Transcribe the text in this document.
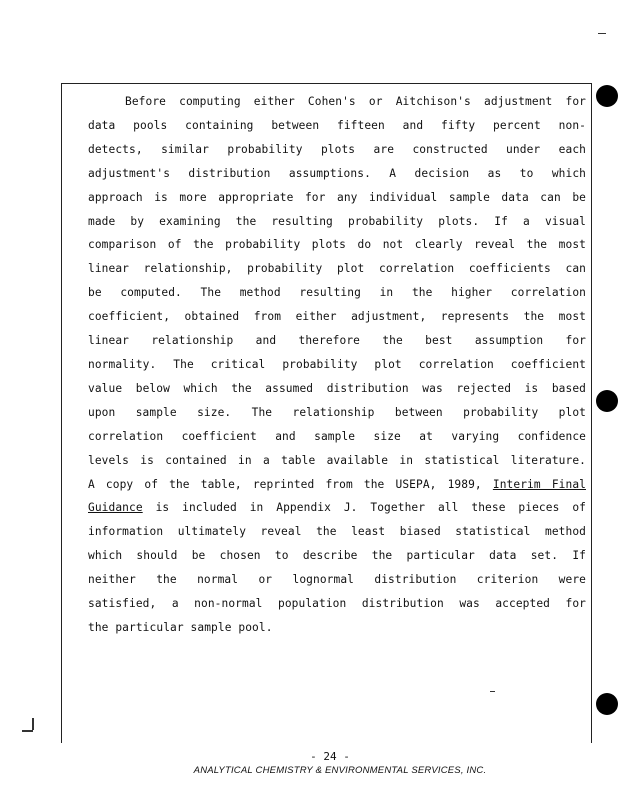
Before computing either Cohen's or Aitchison's adjustment for
data pools containing between fifteen and fifty percent non-
detects, similar probability plots are constructed under each
adjustment's distribution assumptions. A decision as to which
approach is more appropriate for any individual sample data can be
made by examining the resulting probability plots. If a visual
comparison of the probability plots do not clearly reveal the most
linear relationship, probability plot correlation coefficients can
be computed. The method resulting in the higher correlation
coefficient, obtained from either adjustment, represents the most
linear relationship and therefore the best assumption for
normality. The critical probability plot correlation coefficient
value below which the assumed distribution was rejected is based
upon sample size. The relationship between probability plot
correlation coefficient and sample size at varying confidence
levels is contained in a table available in statistical literature.
A copy of the table, reprinted from the USEPA, 1989, Interim Final
Guidance is included in Appendix J. Together all these pieces of
information ultimately reveal the least biased statistical method
which should be chosen to describe the particular data set. If
neither the normal or lognormal distribution criterion were
satisfied, a non-normal population distribution was accepted for
the particular sample pool.
- 24 -
ANALYTICAL CHEMISTRY & ENVIRONMENTAL SERVICES, INC.
